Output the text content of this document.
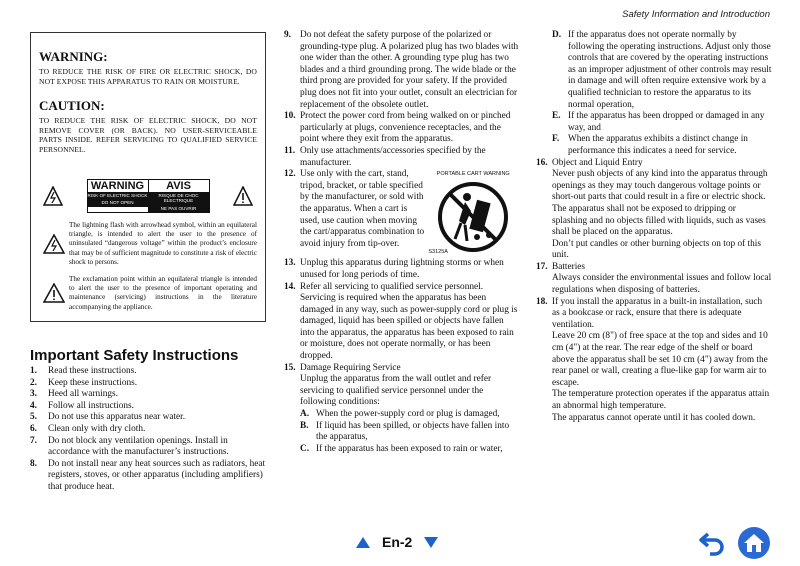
Safety Information and Introduction
WARNING:
TO REDUCE THE RISK OF FIRE OR ELECTRIC SHOCK, DO NOT EXPOSE THIS APPARATUS TO RAIN OR MOISTURE.
CAUTION:
TO REDUCE THE RISK OF ELECTRIC SHOCK, DO NOT REMOVE COVER (OR BACK). NO USER-SERVICEABLE PARTS INSIDE. REFER SERVICING TO QUALIFIED SERVICE PERSONNEL.
WARNING
RISK OF ELECTRIC SHOCK
DO NOT OPEN
AVIS
RISQUE DE CHOC ELECTRIQUE
NE PAS OUVRIR
The lightning flash with arrowhead symbol, within an equilateral triangle, is intended to alert the user to the presence of uninsulated “dangerous voltage” within the product’s enclosure that may be of sufficient magnitude to constitute a risk of electric shock to persons.
The exclamation point within an equilateral triangle is intended to alert the user to the presence of important operating and maintenance (servicing) instructions in the literature accompanying the appliance.
Important Safety Instructions
1.	Read these instructions.
2.	Keep these instructions.
3.	Heed all warnings.
4.	Follow all instructions.
5.	Do not use this apparatus near water.
6.	Clean only with dry cloth.
7.	Do not block any ventilation openings. Install in accordance with the manufacturer’s instructions.
8.	Do not install near any heat sources such as radiators, heat registers, stoves, or other apparatus (including amplifiers) that produce heat.
9. Do not defeat the safety purpose of the polarized or grounding-type plug. A polarized plug has two blades with one wider than the other. A grounding type plug has two blades and a third grounding prong. The wide blade or the third prong are provided for your safety. If the provided plug does not fit into your outlet, consult an electrician for replacement of the obsolete outlet.
10. Protect the power cord from being walked on or pinched particularly at plugs, convenience receptacles, and the point where they exit from the apparatus.
11. Only use attachments/accessories specified by the manufacturer.
12. Use only with the cart, stand, tripod, bracket, or table specified by the manufacturer, or sold with the apparatus. When a cart is used, use caution when moving the cart/apparatus combination to avoid injury from tip-over.
PORTABLE CART WARNING
S3125A
13. Unplug this apparatus during lightning storms or when unused for long periods of time.
14. Refer all servicing to qualified service personnel. Servicing is required when the apparatus has been damaged in any way, such as power-supply cord or plug is damaged, liquid has been spilled or objects have fallen into the apparatus, the apparatus has been exposed to rain or moisture, does not operate normally, or has been dropped.
15. Damage Requiring Service
Unplug the apparatus from the wall outlet and refer servicing to qualified service personnel under the following conditions:
A. When the power-supply cord or plug is damaged,
B. If liquid has been spilled, or objects have fallen into the apparatus,
C. If the apparatus has been exposed to rain or water,
D. If the apparatus does not operate normally by following the operating instructions. Adjust only those controls that are covered by the operating instructions as an improper adjustment of other controls may result in damage and will often require extensive work by a qualified technician to restore the apparatus to its normal operation,
E. If the apparatus has been dropped or damaged in any way, and
F. When the apparatus exhibits a distinct change in performance this indicates a need for service.
16. Object and Liquid Entry
Never push objects of any kind into the apparatus through openings as they may touch dangerous voltage points or short-out parts that could result in a fire or electric shock.
The apparatus shall not be exposed to dripping or splashing and no objects filled with liquids, such as vases shall be placed on the apparatus.
Don’t put candles or other burning objects on top of this unit.
17. Batteries
Always consider the environmental issues and follow local regulations when disposing of batteries.
18. If you install the apparatus in a built-in installation, such as a bookcase or rack, ensure that there is adequate ventilation.
Leave 20 cm (8") of free space at the top and sides and 10 cm (4") at the rear. The rear edge of the shelf or board above the apparatus shall be set 10 cm (4") away from the rear panel or wall, creating a flue-like gap for warm air to escape.
The temperature protection operates if the apparatus attain an abnormal high temperature.
The apparatus cannot operate until it has cooled down.
En-2
